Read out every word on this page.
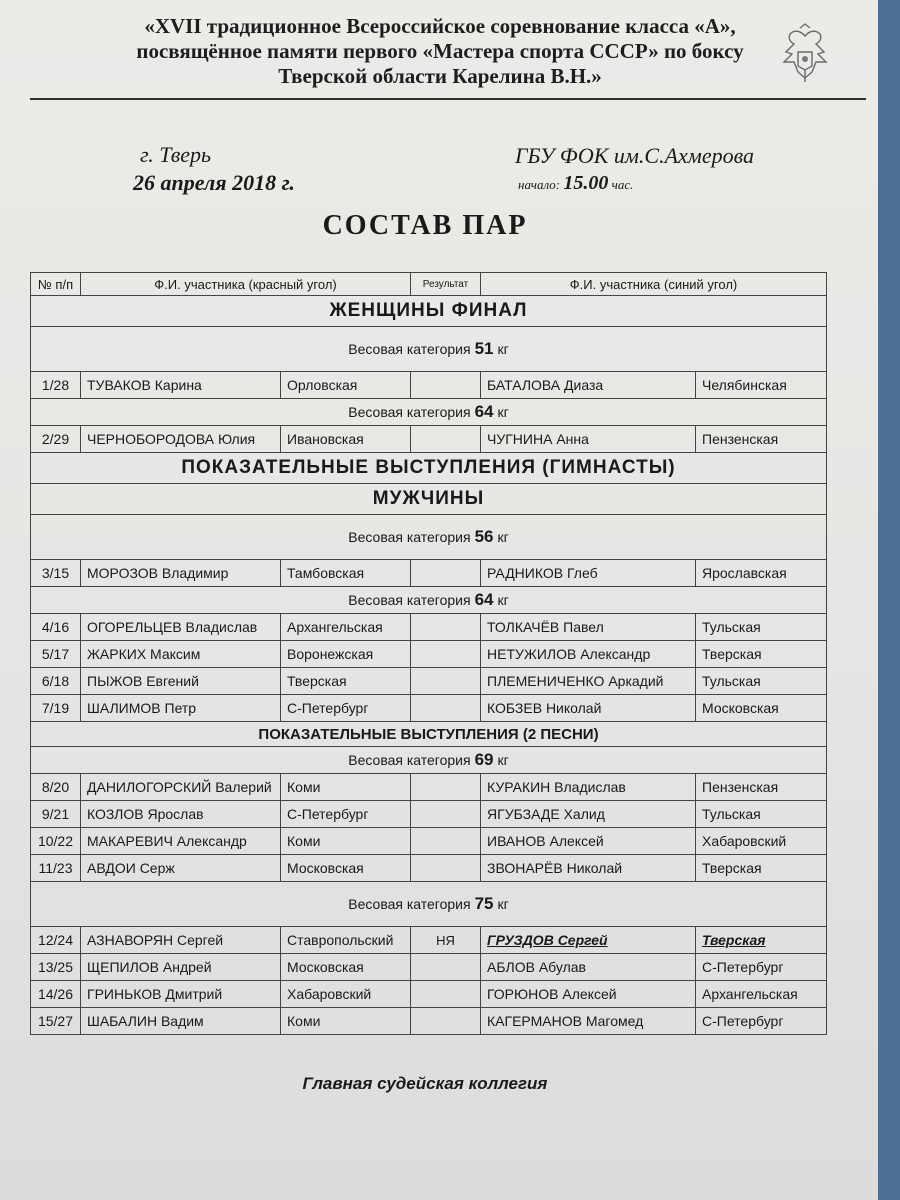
«XVII традиционное Всероссийское соревнование класса «А»,
посвящённое памяти первого «Мастера спорта СССР» по боксу
Тверской области Карелина В.Н.»
г. Тверь
26 апреля 2018 г.
ГБУ ФОК им.С.Ахмерова
начало: 15.00 час.
СОСТАВ ПАР
№ п/п	Ф.И. участника (красный угол)		Результат	Ф.И. участника (синий угол)	
ЖЕНЩИНЫ ФИНАЛ					
Весовая категория 51 кг					
1/28	ТУВАКОВ Карина	Орловская		БАТАЛОВА Диаза	Челябинская
Весовая категория 64 кг					
2/29	ЧЕРНОБОРОДОВА Юлия	Ивановская		ЧУГНИНА Анна	Пензенская
ПОКАЗАТЕЛЬНЫЕ ВЫСТУПЛЕНИЯ (ГИМНАСТЫ)					
МУЖЧИНЫ					
Весовая категория 56 кг					
3/15	МОРОЗОВ Владимир	Тамбовская		РАДНИКОВ Глеб	Ярославская
Весовая категория 64 кг					
4/16	ОГОРЕЛЬЦЕВ Владислав	Архангельская		ТОЛКАЧЁВ Павел	Тульская
5/17	ЖАРКИХ Максим	Воронежская		НЕТУЖИЛОВ Александр	Тверская
6/18	ПЫЖОВ Евгений	Тверская		ПЛЕМЕНИЧЕНКО Аркадий	Тульская
7/19	ШАЛИМОВ Петр	С-Петербург		КОБЗЕВ Николай	Московская
ПОКАЗАТЕЛЬНЫЕ ВЫСТУПЛЕНИЯ (2 ПЕСНИ)					
Весовая категория 69 кг					
8/20	ДАНИЛОГОРСКИЙ Валерий	Коми		КУРАКИН Владислав	Пензенская
9/21	КОЗЛОВ Ярослав	С-Петербург		ЯГУБЗАДЕ Халид	Тульская
10/22	МАКАРЕВИЧ Александр	Коми		ИВАНОВ Алексей	Хабаровский
11/23	АВДОИ Серж	Московская		ЗВОНАРЁВ Николай	Тверская
Весовая категория 75 кг					
12/24	АЗНАВОРЯН Сергей	Ставропольский	НЯ	ГРУЗДОВ Сергей	Тверская
13/25	ЩЕПИЛОВ Андрей	Московская		АБЛОВ Абулав	С-Петербург
14/26	ГРИНЬКОВ Дмитрий	Хабаровский		ГОРЮНОВ Алексей	Архангельская
15/27	ШАБАЛИН Вадим	Коми		КАГЕРМАНОВ Магомед	С-Петербург
Главная судейская коллегия
